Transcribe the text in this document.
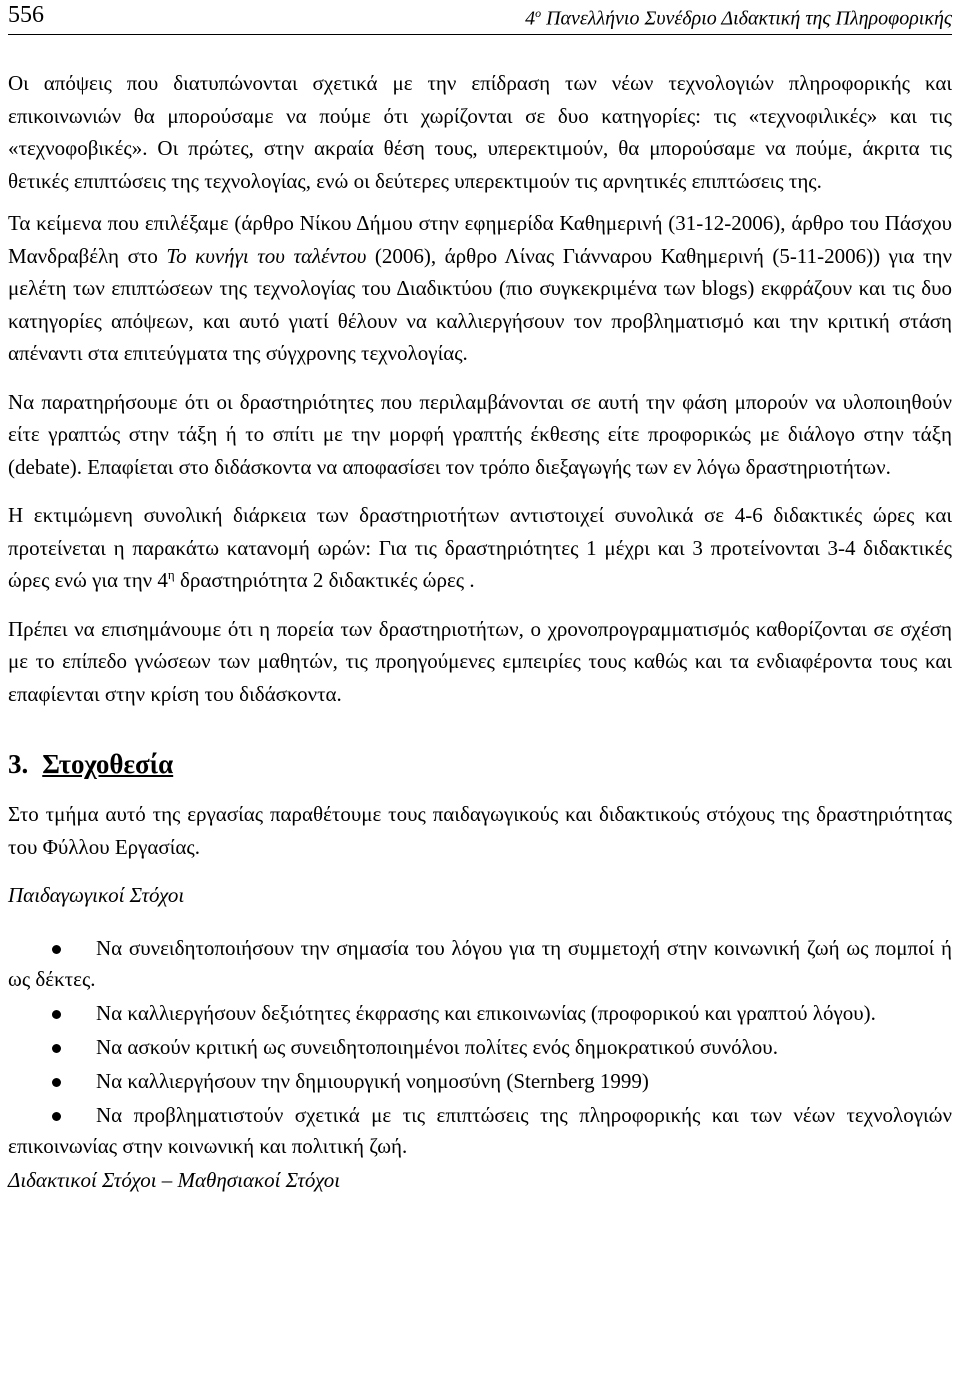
556	$4^o$ Πανελλήνιο Συνέδριο Διδακτική της Πληροφορικής

Οι απόψεις που διατυπώνονται σχετικά με την επίδραση των νέων τεχνολογιών πληροφορικής και επικοινωνιών θα μπορούσαμε να πούμε ότι χωρίζονται σε δυο κατηγορίες: τις «τεχνοφιλικές» και τις «τεχνοφοβικές». Οι πρώτες, στην ακραία θέση τους, υπερεκτιμούν, θα μπορούσαμε να πούμε, άκριτα τις θετικές επιπτώσεις της τεχνολογίας, ενώ οι δεύτερες υπερεκτιμούν τις αρνητικές επιπτώσεις της.

Τα κείμενα που επιλέξαμε (άρθρο Νίκου Δήμου στην εφημερίδα Καθημερινή (31-12-2006), άρθρο του Πάσχου Μανδραβέλη στο Το κυνήγι του ταλέντου (2006), άρθρο Λίνας Γιάνναρου Καθημερινή (5-11-2006)) για την μελέτη των επιπτώσεων της τεχνολογίας του Διαδικτύου (πιο συγκεκριμένα των blogs) εκφράζουν και τις δυο κατηγορίες απόψεων, και αυτό γιατί θέλουν να καλλιεργήσουν τον προβληματισμό και την κριτική στάση απέναντι στα επιτεύγματα της σύγχρονης τεχνολογίας.

Να παρατηρήσουμε ότι οι δραστηριότητες που περιλαμβάνονται σε αυτή την φάση μπορούν να υλοποιηθούν είτε γραπτώς στην τάξη ή το σπίτι με την μορφή γραπτής έκθεσης είτε προφορικώς με διάλογο στην τάξη (debate). Επαφίεται στο διδάσκοντα να αποφασίσει τον τρόπο διεξαγωγής των εν λόγω δραστηριοτήτων.

Η εκτιμώμενη συνολική διάρκεια των δραστηριοτήτων αντιστοιχεί συνολικά σε 4-6 διδακτικές ώρες και προτείνεται η παρακάτω κατανομή ωρών: Για τις δραστηριότητες 1 μέχρι και 3 προτείνονται 3-4 διδακτικές ώρες ενώ για την $4^\eta$ δραστηριότητα 2 διδακτικές ώρες .

Πρέπει να επισημάνουμε ότι η πορεία των δραστηριοτήτων, ο χρονοπρογραμματισμός καθορίζονται σε σχέση με το επίπεδο γνώσεων των μαθητών, τις προηγούμενες εμπειρίες τους καθώς και τα ενδιαφέροντα τους και επαφίενται στην κρίση του διδάσκοντα.

3. Στοχοθεσία

Στο τμήμα αυτό της εργασίας παραθέτουμε τους παιδαγωγικούς και διδακτικούς στόχους της δραστηριότητας του Φύλλου Εργασίας.

Παιδαγωγικοί Στόχοι
Να συνειδητοποιήσουν την σημασία του λόγου για τη συμμετοχή στην κοινωνική ζωή ως πομποί ή ως δέκτες.
Να καλλιεργήσουν δεξιότητες έκφρασης και επικοινωνίας (προφορικού και γραπτού λόγου).
Να ασκούν κριτική ως συνειδητοποιημένοι πολίτες ενός δημοκρατικού συνόλου.
Να καλλιεργήσουν την δημιουργική νοημοσύνη (Sternberg 1999)
Να προβληματιστούν σχετικά με τις επιπτώσεις της πληροφορικής και των νέων τεχνολογιών επικοινωνίας στην κοινωνική και πολιτική ζωή.
Διδακτικοί Στόχοι – Μαθησιακοί Στόχοι
